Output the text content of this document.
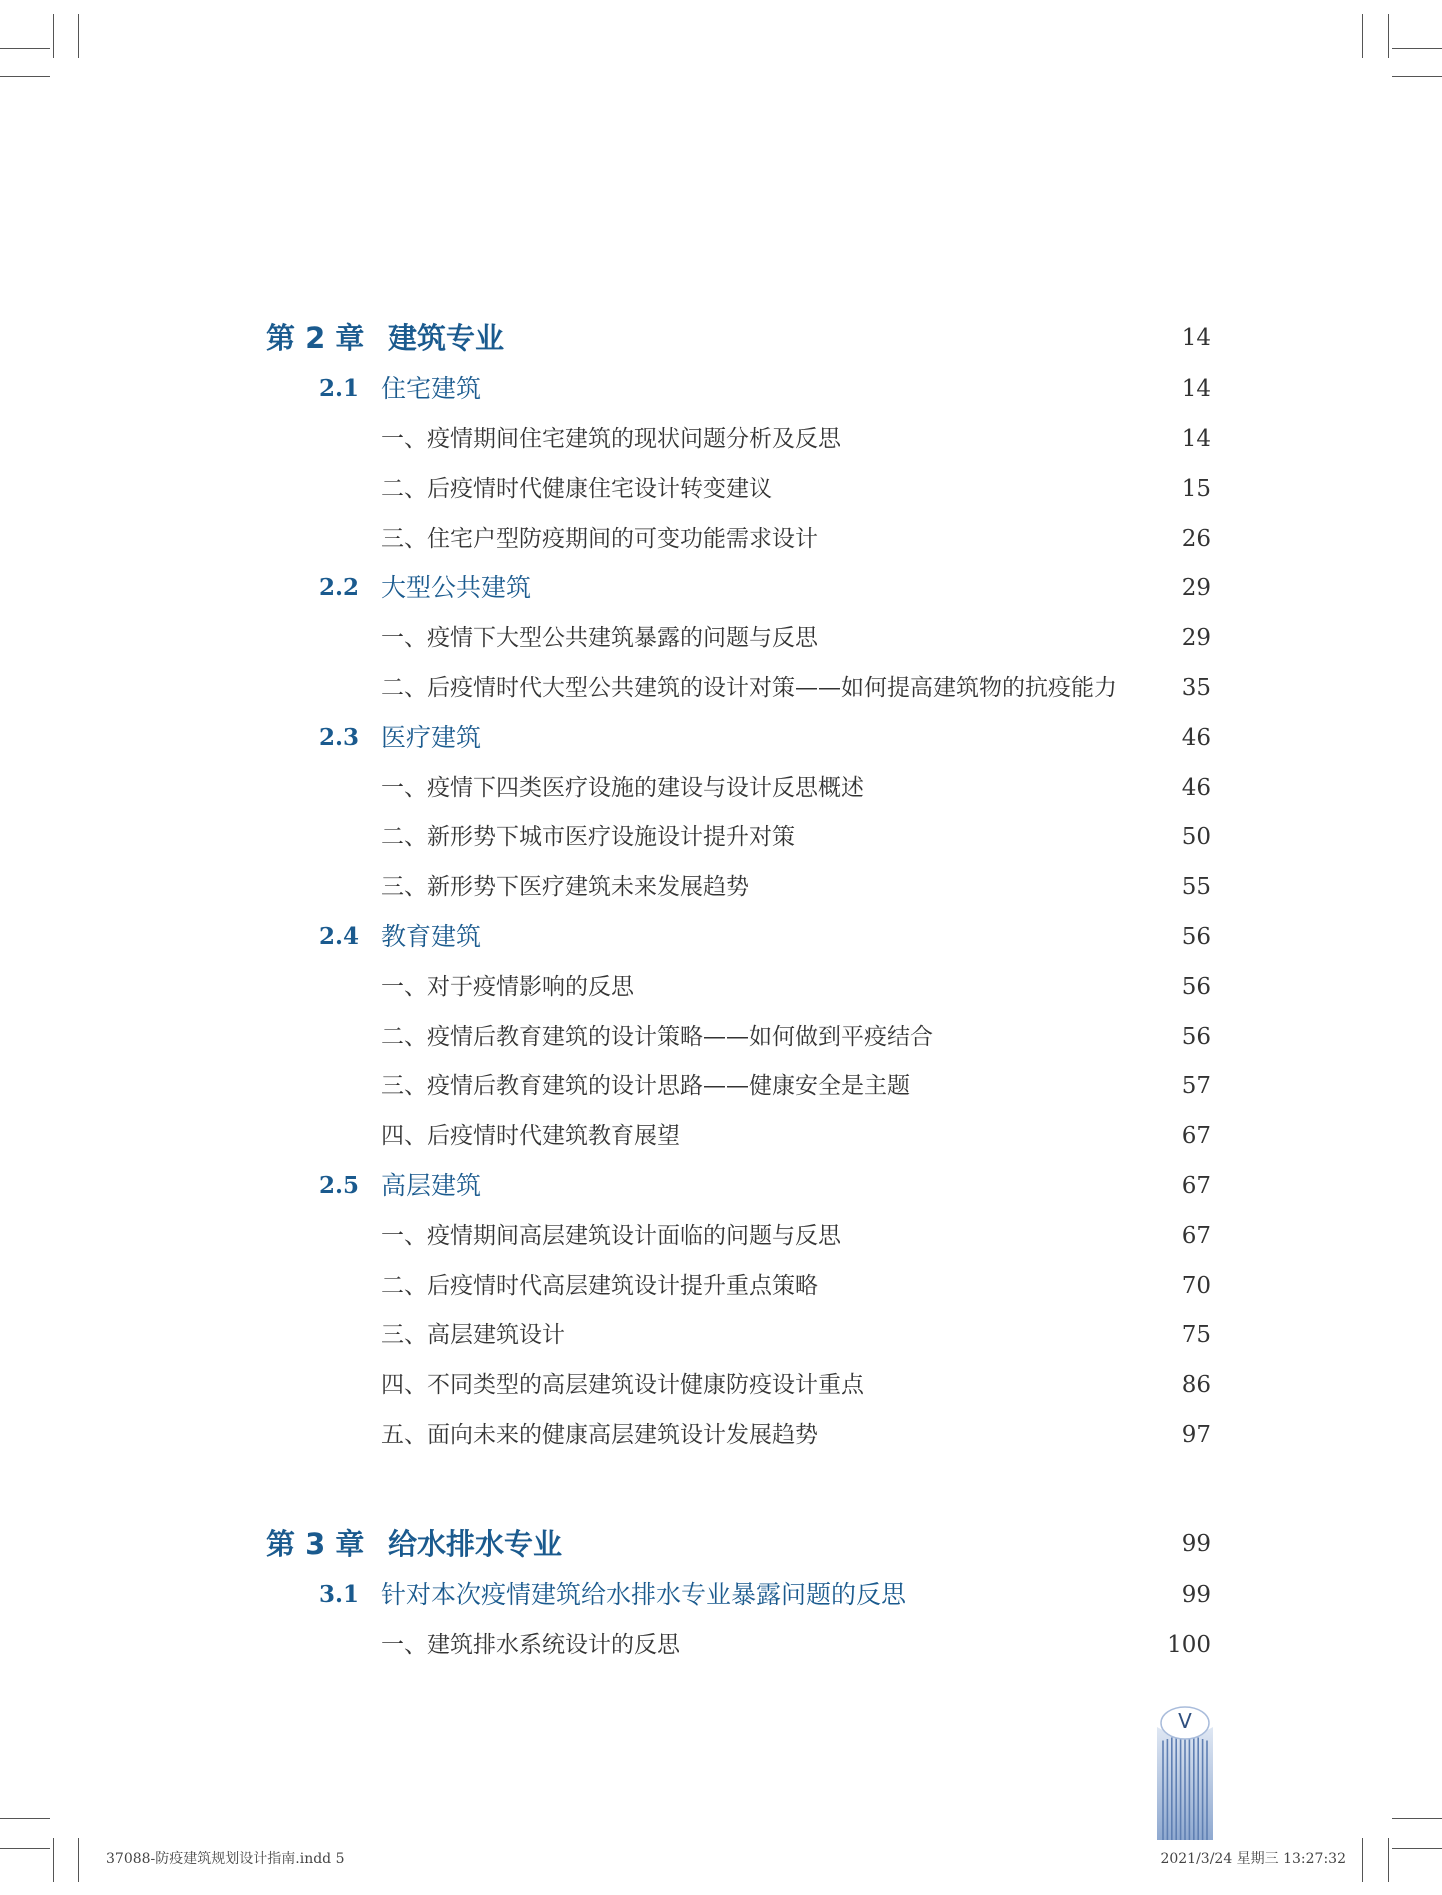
第 2 章 建筑专业	14
2.1 住宅建筑	14
一、疫情期间住宅建筑的现状问题分析及反思	14
二、后疫情时代健康住宅设计转变建议	15
三、住宅户型防疫期间的可变功能需求设计	26
2.2 大型公共建筑	29
一、疫情下大型公共建筑暴露的问题与反思	29
二、后疫情时代大型公共建筑的设计对策——如何提高建筑物的抗疫能力	35
2.3 医疗建筑	46
一、疫情下四类医疗设施的建设与设计反思概述	46
二、新形势下城市医疗设施设计提升对策	50
三、新形势下医疗建筑未来发展趋势	55
2.4 教育建筑	56
一、对于疫情影响的反思	56
二、疫情后教育建筑的设计策略——如何做到平疫结合	56
三、疫情后教育建筑的设计思路——健康安全是主题	57
四、后疫情时代建筑教育展望	67
2.5 高层建筑	67
一、疫情期间高层建筑设计面临的问题与反思	67
二、后疫情时代高层建筑设计提升重点策略	70
三、高层建筑设计	75
四、不同类型的高层建筑设计健康防疫设计重点	86
五、面向未来的健康高层建筑设计发展趋势	97
第 3 章 给水排水专业	99
3.1 针对本次疫情建筑给水排水专业暴露问题的反思	99
一、建筑排水系统设计的反思	100
V
37088-防疫建筑规划设计指南.indd 5	2021/3/24 星期三 13:27:32
